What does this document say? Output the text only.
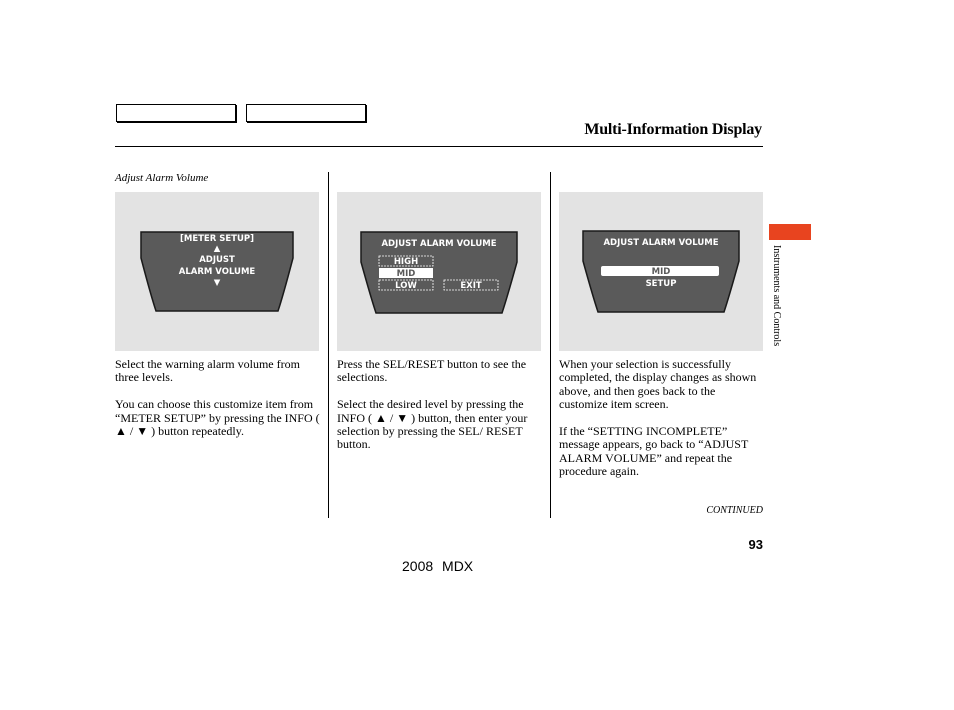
Multi-Information Display
Adjust Alarm Volume
[METER SETUP]
▲
ADJUST
ALARM VOLUME
▼
ADJUST ALARM VOLUME
HIGH
MID
LOW	EXIT
ADJUST ALARM VOLUME
MID
SETUP

Select the warning alarm volume from three levels.

You can choose this customize item from “METER SETUP” by pressing the INFO ( ▲ / ▼ ) button repeatedly.

Press the SEL/RESET button to see the selections.

Select the desired level by pressing the INFO ( ▲ / ▼ ) button, then enter your selection by pressing the SEL/ RESET button.

When your selection is successfully completed, the display changes as shown above, and then goes back to the customize item screen.

If the “SETTING INCOMPLETE” message appears, go back to “ADJUST ALARM VOLUME” and repeat the procedure again.

CONTINUED
93
2008 MDX
Instruments and Controls
